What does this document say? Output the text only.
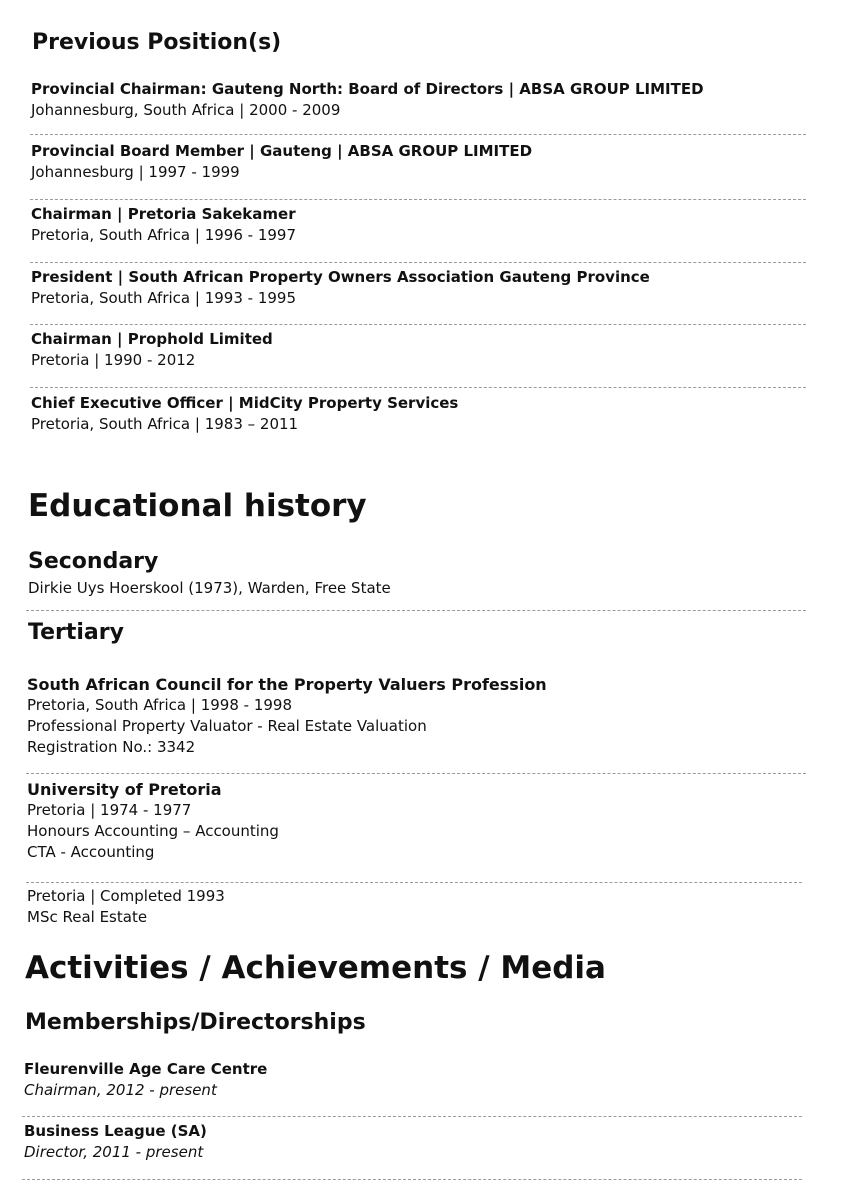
Previous Position(s)
Provincial Chairman: Gauteng North: Board of Directors | ABSA GROUP LIMITED
Johannesburg, South Africa | 2000 - 2009
Provincial Board Member | Gauteng | ABSA GROUP LIMITED
Johannesburg | 1997 - 1999
Chairman | Pretoria Sakekamer
Pretoria, South Africa | 1996 - 1997
President | South African Property Owners Association Gauteng Province
Pretoria, South Africa | 1993 - 1995
Chairman | Prophold Limited
Pretoria | 1990 - 2012
Chief Executive Officer | MidCity Property Services
Pretoria, South Africa | 1983 – 2011
Educational history
Secondary
Dirkie Uys Hoerskool (1973), Warden, Free State
Tertiary
South African Council for the Property Valuers Profession
Pretoria, South Africa | 1998 - 1998
Professional Property Valuator - Real Estate Valuation
Registration No.: 3342
University of Pretoria
Pretoria | 1974 - 1977
Honours Accounting – Accounting
CTA - Accounting
Pretoria | Completed 1993
MSc Real Estate
Activities / Achievements / Media
Memberships/Directorships
Fleurenville Age Care Centre
Chairman, 2012 - present
Business League (SA)
Director, 2011 - present
